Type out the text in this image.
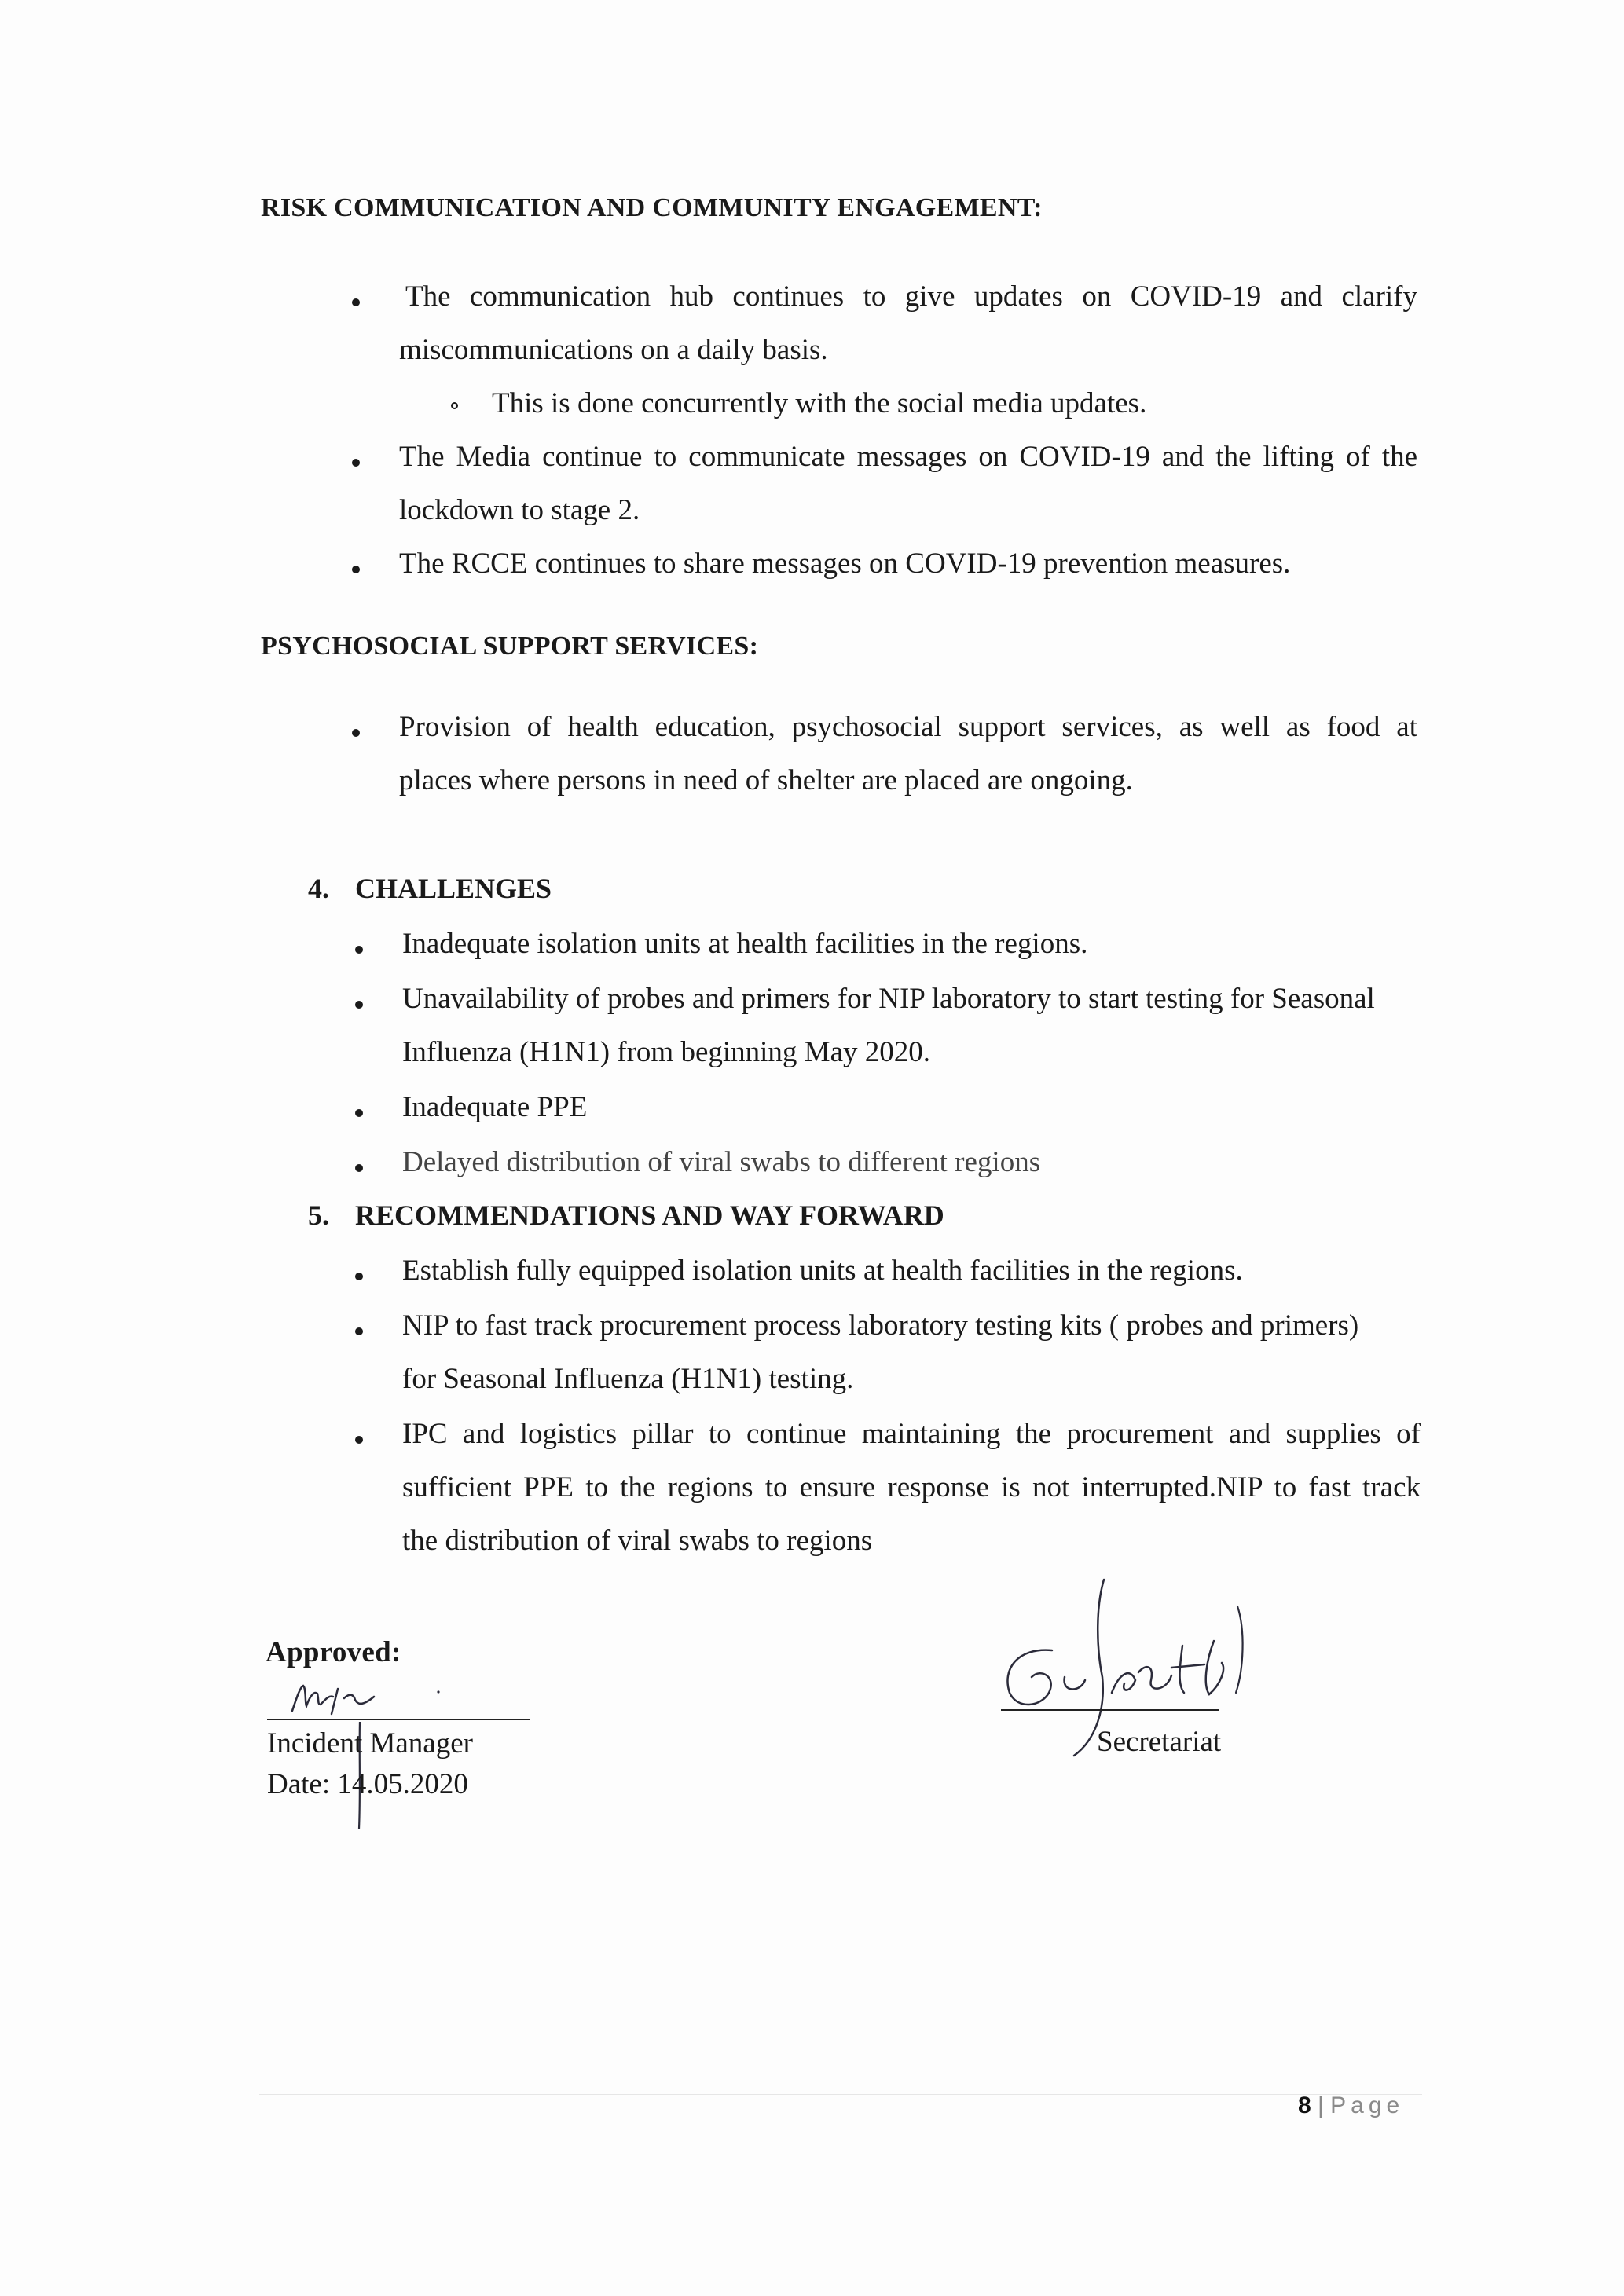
RISK COMMUNICATION AND COMMUNITY ENGAGEMENT:
The communication hub continues to give updates on COVID-19 and clarify
miscommunications on a daily basis.
This is done concurrently with the social media updates.
The Media continue to communicate messages on COVID-19 and the lifting of the
lockdown to stage 2.
The RCCE continues to share messages on COVID-19 prevention measures.
PSYCHOSOCIAL SUPPORT SERVICES:
Provision of health education, psychosocial support services, as well as food at
places where persons in need of shelter are placed are ongoing.
4. CHALLENGES
Inadequate isolation units at health facilities in the regions.
Unavailability of probes and primers for NIP laboratory to start testing for Seasonal
Influenza (H1N1) from beginning May 2020.
Inadequate PPE
Delayed distribution of viral swabs to different regions
5. RECOMMENDATIONS AND WAY FORWARD
Establish fully equipped isolation units at health facilities in the regions.
NIP to fast track procurement process laboratory testing kits ( probes and primers)
for Seasonal Influenza (H1N1) testing.
IPC and logistics pillar to continue maintaining the procurement and supplies of
sufficient PPE to the regions to ensure response is not interrupted.NIP to fast track
the distribution of viral swabs to regions
Approved:
Incident Manager
Date: 14.05.2020
Secretariat
8 | Page
